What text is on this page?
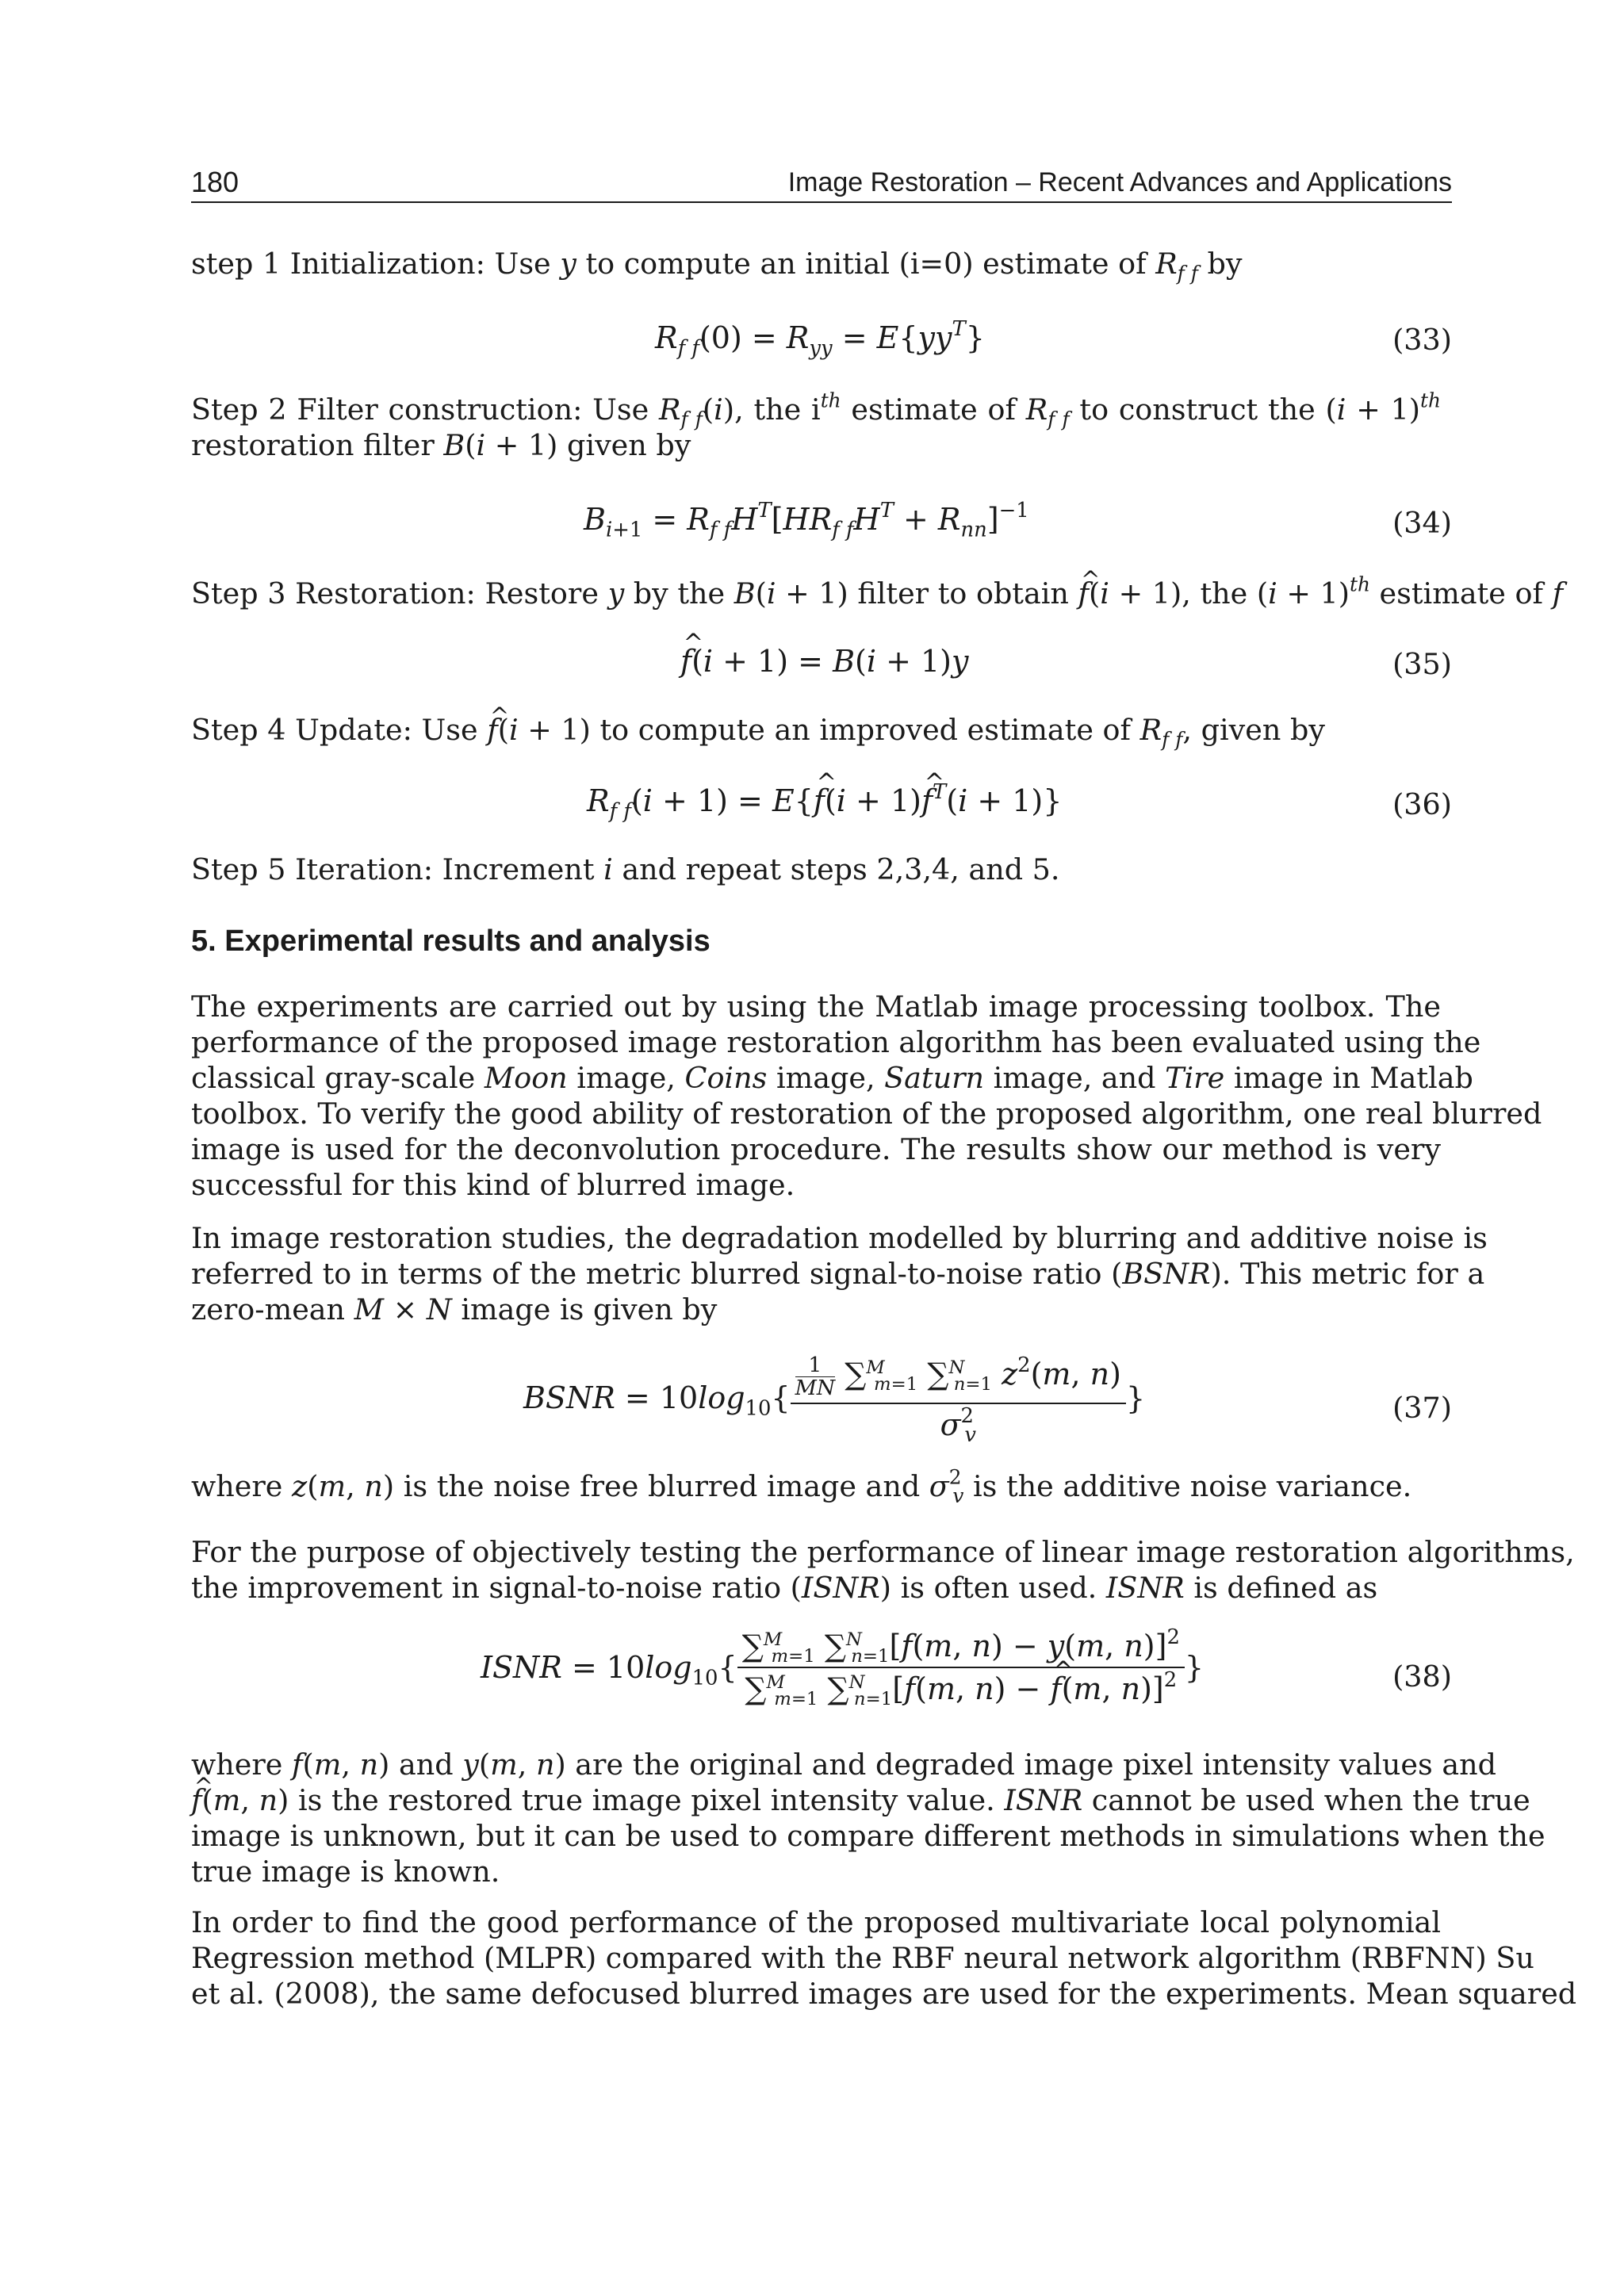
180	Image Restoration – Recent Advances and Applications
step 1 Initialization: Use y to compute an initial (i=0) estimate of $R_{f f}$ by
$R_{f f}(0) = R_{yy} = E\{yy^T\}$	(33)
Step 2 Filter construction: Use $R_{f f}(i)$, the $i^{th}$ estimate of $R_{f f}$ to construct the $(i + 1)^{th}$
restoration filter B(i + 1) given by
$B_{i+1} = R_{f f}H^T[HR_{f f}H^T + R_{nn}]^{-1}$	(34)
Step 3 Restoration: Restore y by the B(i + 1) filter to obtain ^ f(i + 1), the $(i + 1)^{th}$ estimate of f
^ f(i + 1) = B(i + 1)y	(35)
Step 4 Update: Use ^ f(i + 1) to compute an improved estimate of $R_{f f}$, given by
$R_{f f}(i + 1)$ = E{^ f(i + 1)^ $f^T(i + 1)$}	(36)
Step 5 Iteration: Increment i and repeat steps 2,3,4, and 5.
5. Experimental results and analysis
The experiments are carried out by using the Matlab image processing toolbox. The
performance of the proposed image restoration algorithm has been evaluated using the
classical gray-scale Moon image, Coins image, Saturn image, and Tire image in Matlab
toolbox. To verify the good ability of restoration of the proposed algorithm, one real blurred
image is used for the deconvolution procedure. The results show our method is very
successful for this kind of blurred image.
In image restoration studies, the degradation modelled by blurring and additive noise is
referred to in terms of the metric blurred signal-to-noise ratio (BSNR). This metric for a
zero-mean M × N image is given by
BSNR = $10\log_{10}\{ \frac{\frac{1}{MN} \sum^M_{m=1} \sum^N_{n=1} z^2(m, n)}{\sigma^2_v}$ }	(37)
where z(m, n) is the noise free blurred image and $\sigma^2_v$ is the additive noise variance.
For the purpose of objectively testing the performance of linear image restoration algorithms,
the improvement in signal-to-noise ratio (ISNR) is often used. ISNR is defined as
ISNR = $10\log_{10}\{ \frac{\sum^M_{m=1} \sum^N_{n=1}[f(m, n) - y(m, n)]^2}{\sum^M_{m=1} \sum^N_{n=1}[f(m, n) - \^{} f(m, n)]^2}$ }	(38)
where f(m, n) and y(m, n) are the original and degraded image pixel intensity values and
^ f(m, n) is the restored true image pixel intensity value. ISNR cannot be used when the true
image is unknown, but it can be used to compare different methods in simulations when the
true image is known.
In order to find the good performance of the proposed multivariate local polynomial
Regression method (MLPR) compared with the RBF neural network algorithm (RBFNN) Su
et al. (2008), the same defocused blurred images are used for the experiments. Mean squared
